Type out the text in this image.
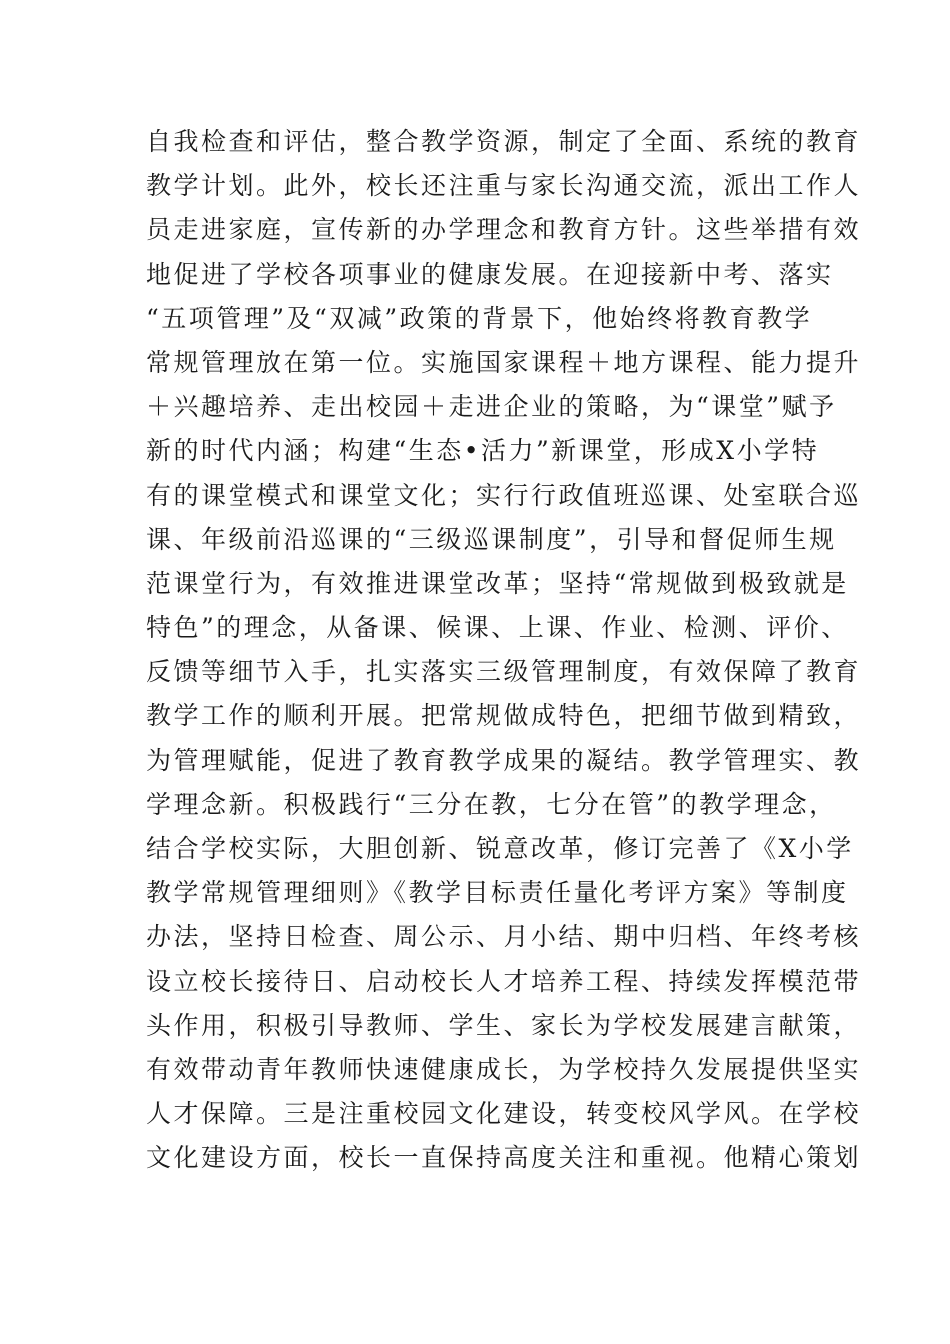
自我检查和评估，整合教学资源，制定了全面、系统的教育
教学计划。此外，校长还注重与家长沟通交流，派出工作人
员走进家庭，宣传新的办学理念和教育方针。这些举措有效
地促进了学校各项事业的健康发展。在迎接新中考、落实
“五项管理”及“双减”政策的背景下，他始终将教育教学
常规管理放在第一位。实施国家课程＋地方课程、能力提升
＋兴趣培养、走出校园＋走进企业的策略，为“课堂”赋予
新的时代内涵；构建“生态•活力”新课堂，形成X小学特
有的课堂模式和课堂文化；实行行政值班巡课、处室联合巡
课、年级前沿巡课的“三级巡课制度”，引导和督促师生规
范课堂行为，有效推进课堂改革；坚持“常规做到极致就是
特色”的理念，从备课、候课、上课、作业、检测、评价、
反馈等细节入手，扎实落实三级管理制度，有效保障了教育
教学工作的顺利开展。把常规做成特色，把细节做到精致，
为管理赋能，促进了教育教学成果的凝结。教学管理实、教
学理念新。积极践行“三分在教，七分在管”的教学理念，
结合学校实际，大胆创新、锐意改革，修订完善了《X小学
教学常规管理细则》《教学目标责任量化考评方案》等制度
办法，坚持日检查、周公示、月小结、期中归档、年终考核
设立校长接待日、启动校长人才培养工程、持续发挥模范带
头作用，积极引导教师、学生、家长为学校发展建言献策，
有效带动青年教师快速健康成长，为学校持久发展提供坚实
人才保障。三是注重校园文化建设，转变校风学风。在学校
文化建设方面，校长一直保持高度关注和重视。他精心策划
